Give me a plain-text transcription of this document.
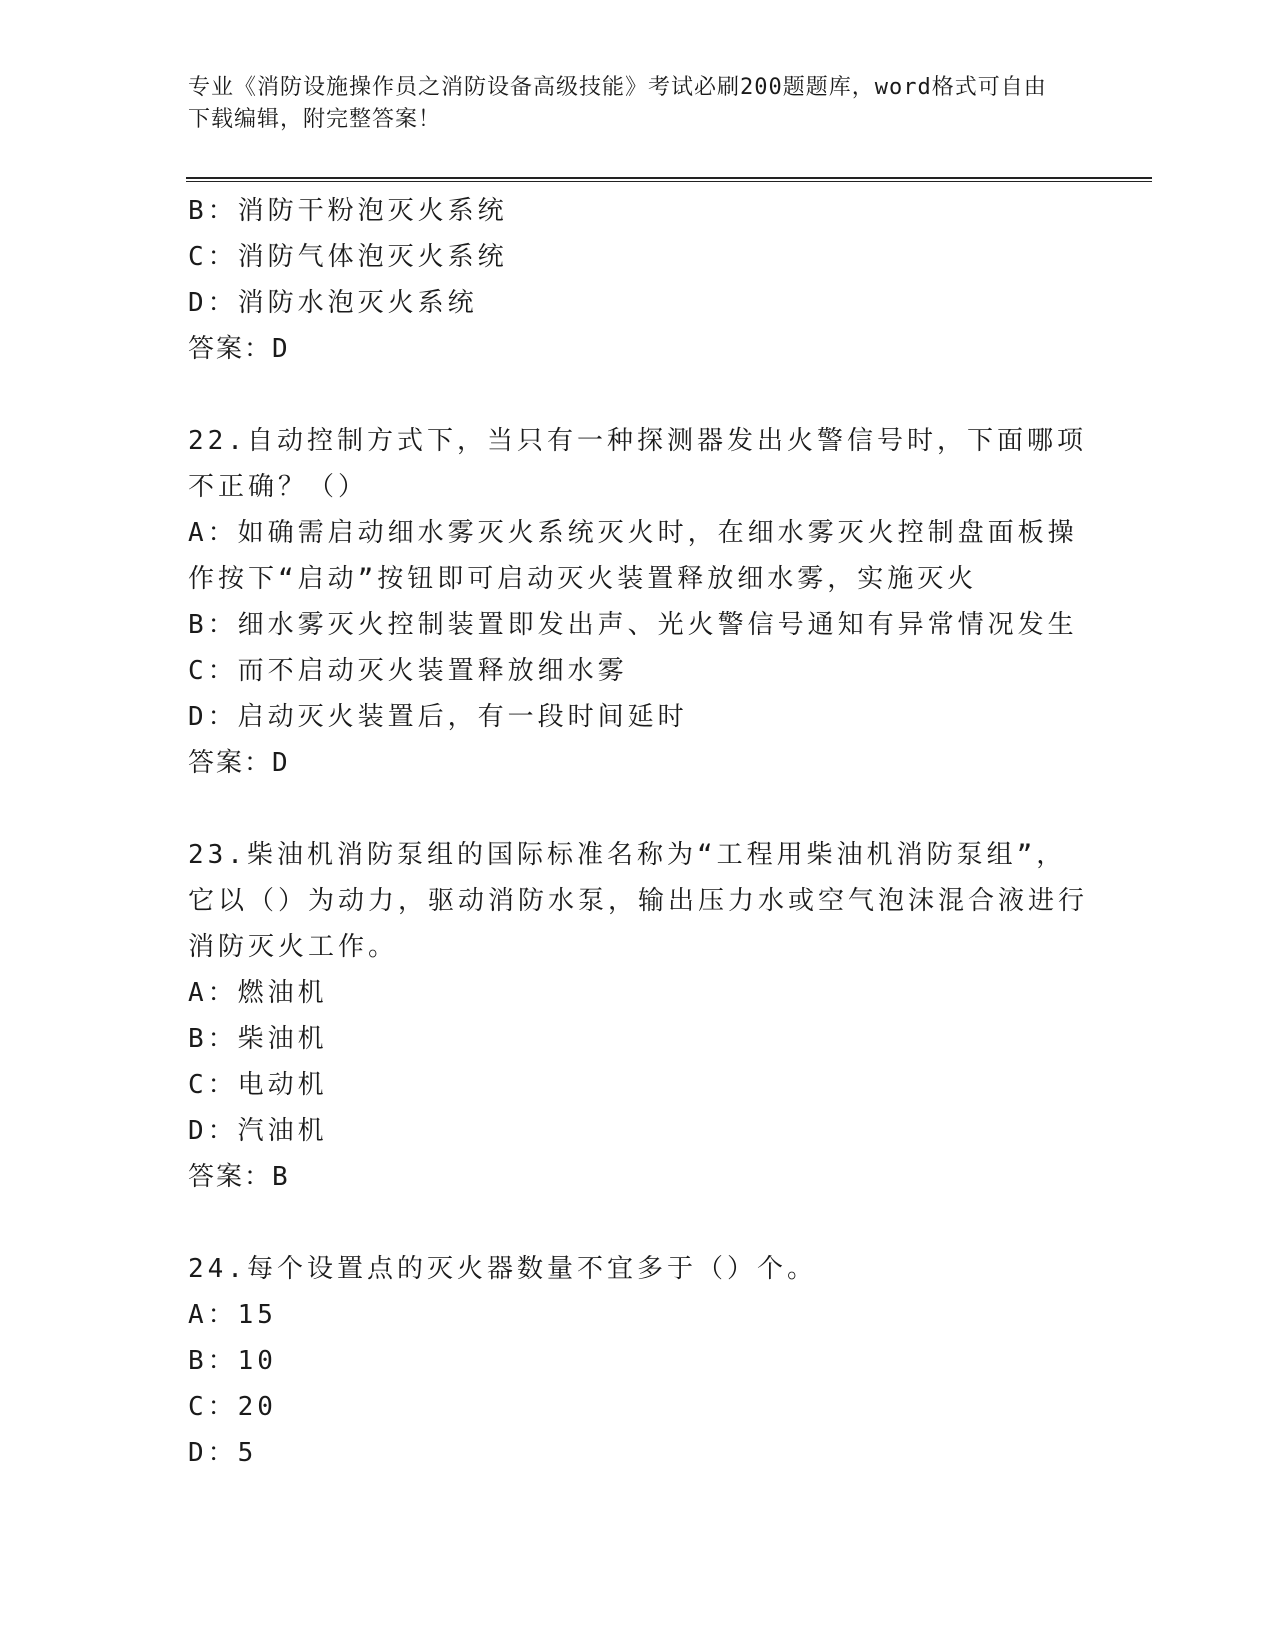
专业《消防设施操作员之消防设备高级技能》考试必刷200题题库，word格式可自由下载编辑，附完整答案！
B：消防干粉泡灭火系统
C：消防气体泡灭火系统
D：消防水泡灭火系统
答案：D
22.自动控制方式下，当只有一种探测器发出火警信号时，下面哪项不正确？（）
A：如确需启动细水雾灭火系统灭火时，在细水雾灭火控制盘面板操作按下“启动”按钮即可启动灭火装置释放细水雾，实施灭火
B：细水雾灭火控制装置即发出声、光火警信号通知有异常情况发生
C：而不启动灭火装置释放细水雾
D：启动灭火装置后，有一段时间延时
答案：D
23.柴油机消防泵组的国际标准名称为“工程用柴油机消防泵组”，它以（）为动力，驱动消防水泵，输出压力水或空气泡沫混合液进行消防灭火工作。
A：燃油机
B：柴油机
C：电动机
D：汽油机
答案：B
24.每个设置点的灭火器数量不宜多于（）个。
A：15
B：10
C：20
D：5
